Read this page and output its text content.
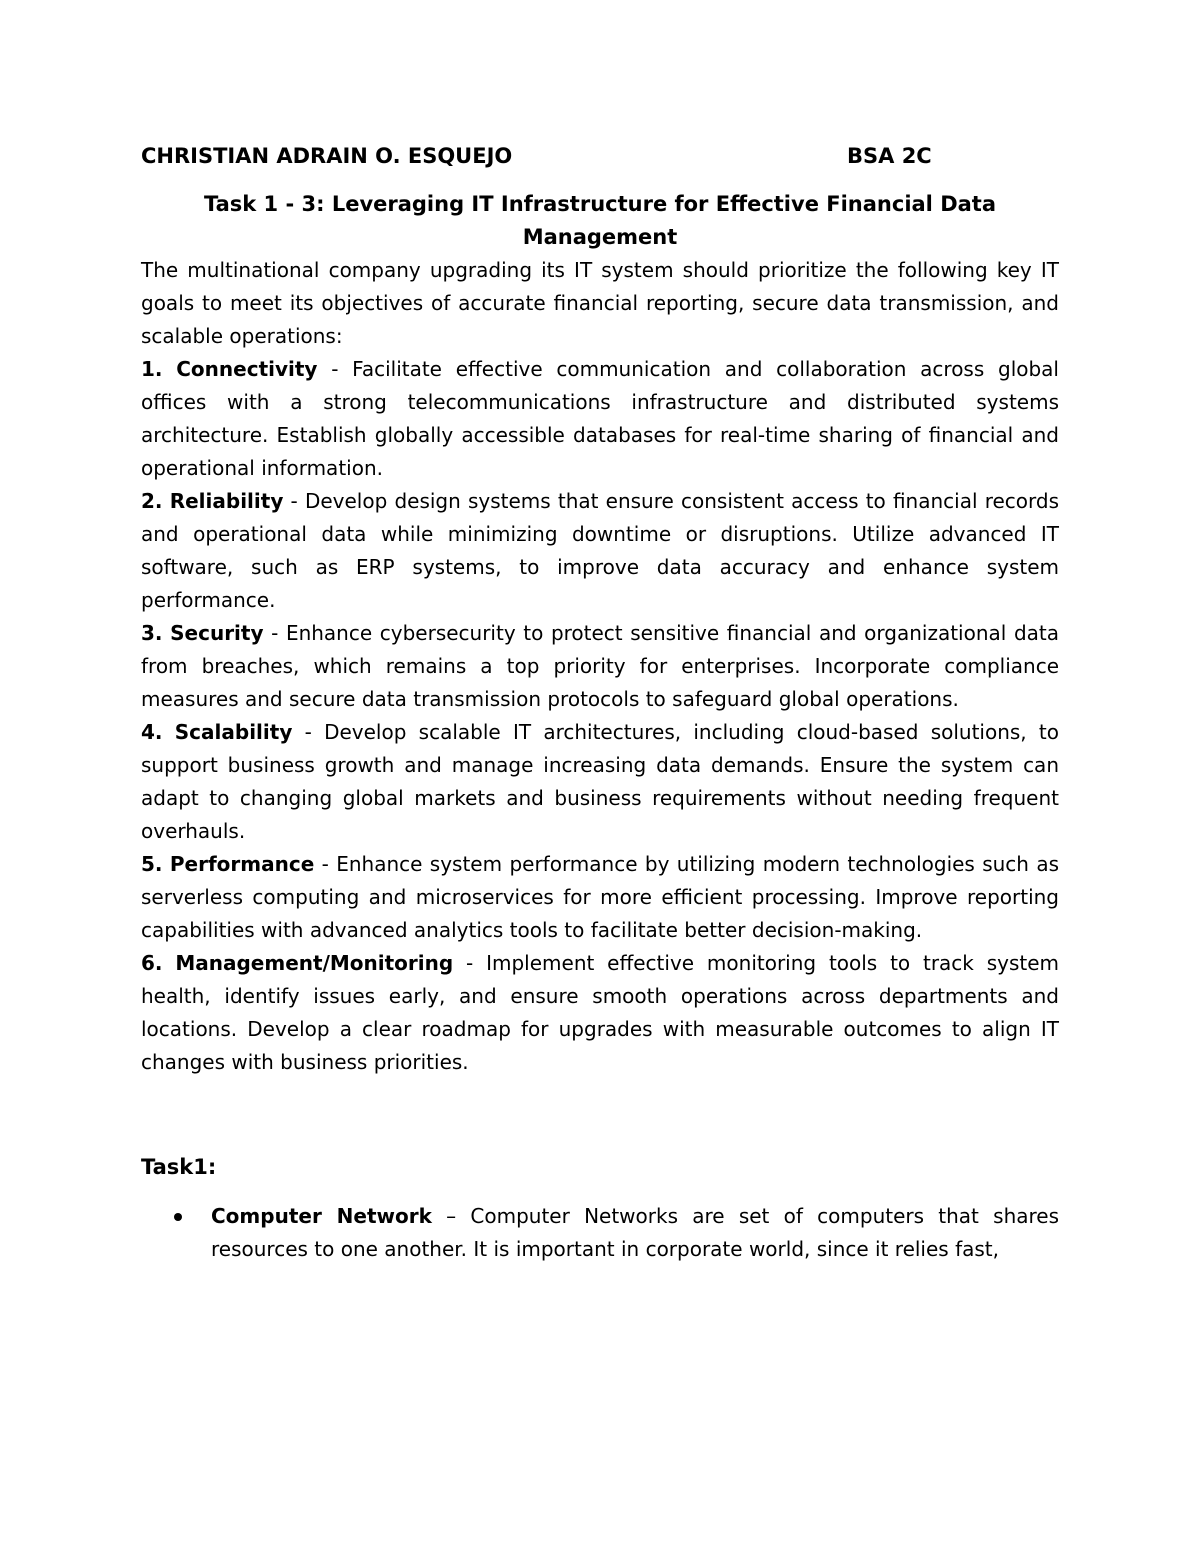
CHRISTIAN ADRAIN O. ESQUEJO	BSA 2C
Task 1 - 3: Leveraging IT Infrastructure for Effective Financial Data Management

The multinational company upgrading its IT system should prioritize the following key IT goals to meet its objectives of accurate financial reporting, secure data transmission, and scalable operations:

1. Connectivity - Facilitate effective communication and collaboration across global offices with a strong telecommunications infrastructure and distributed systems architecture. Establish globally accessible databases for real-time sharing of financial and operational information.

2. Reliability - Develop design systems that ensure consistent access to financial records and operational data while minimizing downtime or disruptions. Utilize advanced IT software, such as ERP systems, to improve data accuracy and enhance system performance.

3. Security - Enhance cybersecurity to protect sensitive financial and organizational data from breaches, which remains a top priority for enterprises. Incorporate compliance measures and secure data transmission protocols to safeguard global operations.

4. Scalability - Develop scalable IT architectures, including cloud-based solutions, to support business growth and manage increasing data demands. Ensure the system can adapt to changing global markets and business requirements without needing frequent overhauls.

5. Performance - Enhance system performance by utilizing modern technologies such as serverless computing and microservices for more efficient processing. Improve reporting capabilities with advanced analytics tools to facilitate better decision-making.

6. Management/Monitoring - Implement effective monitoring tools to track system health, identify issues early, and ensure smooth operations across departments and locations. Develop a clear roadmap for upgrades with measurable outcomes to align IT changes with business priorities.

Task1:
Computer Network – Computer Networks are set of computers that shares resources to one another. It is important in corporate world, since it relies fast,
